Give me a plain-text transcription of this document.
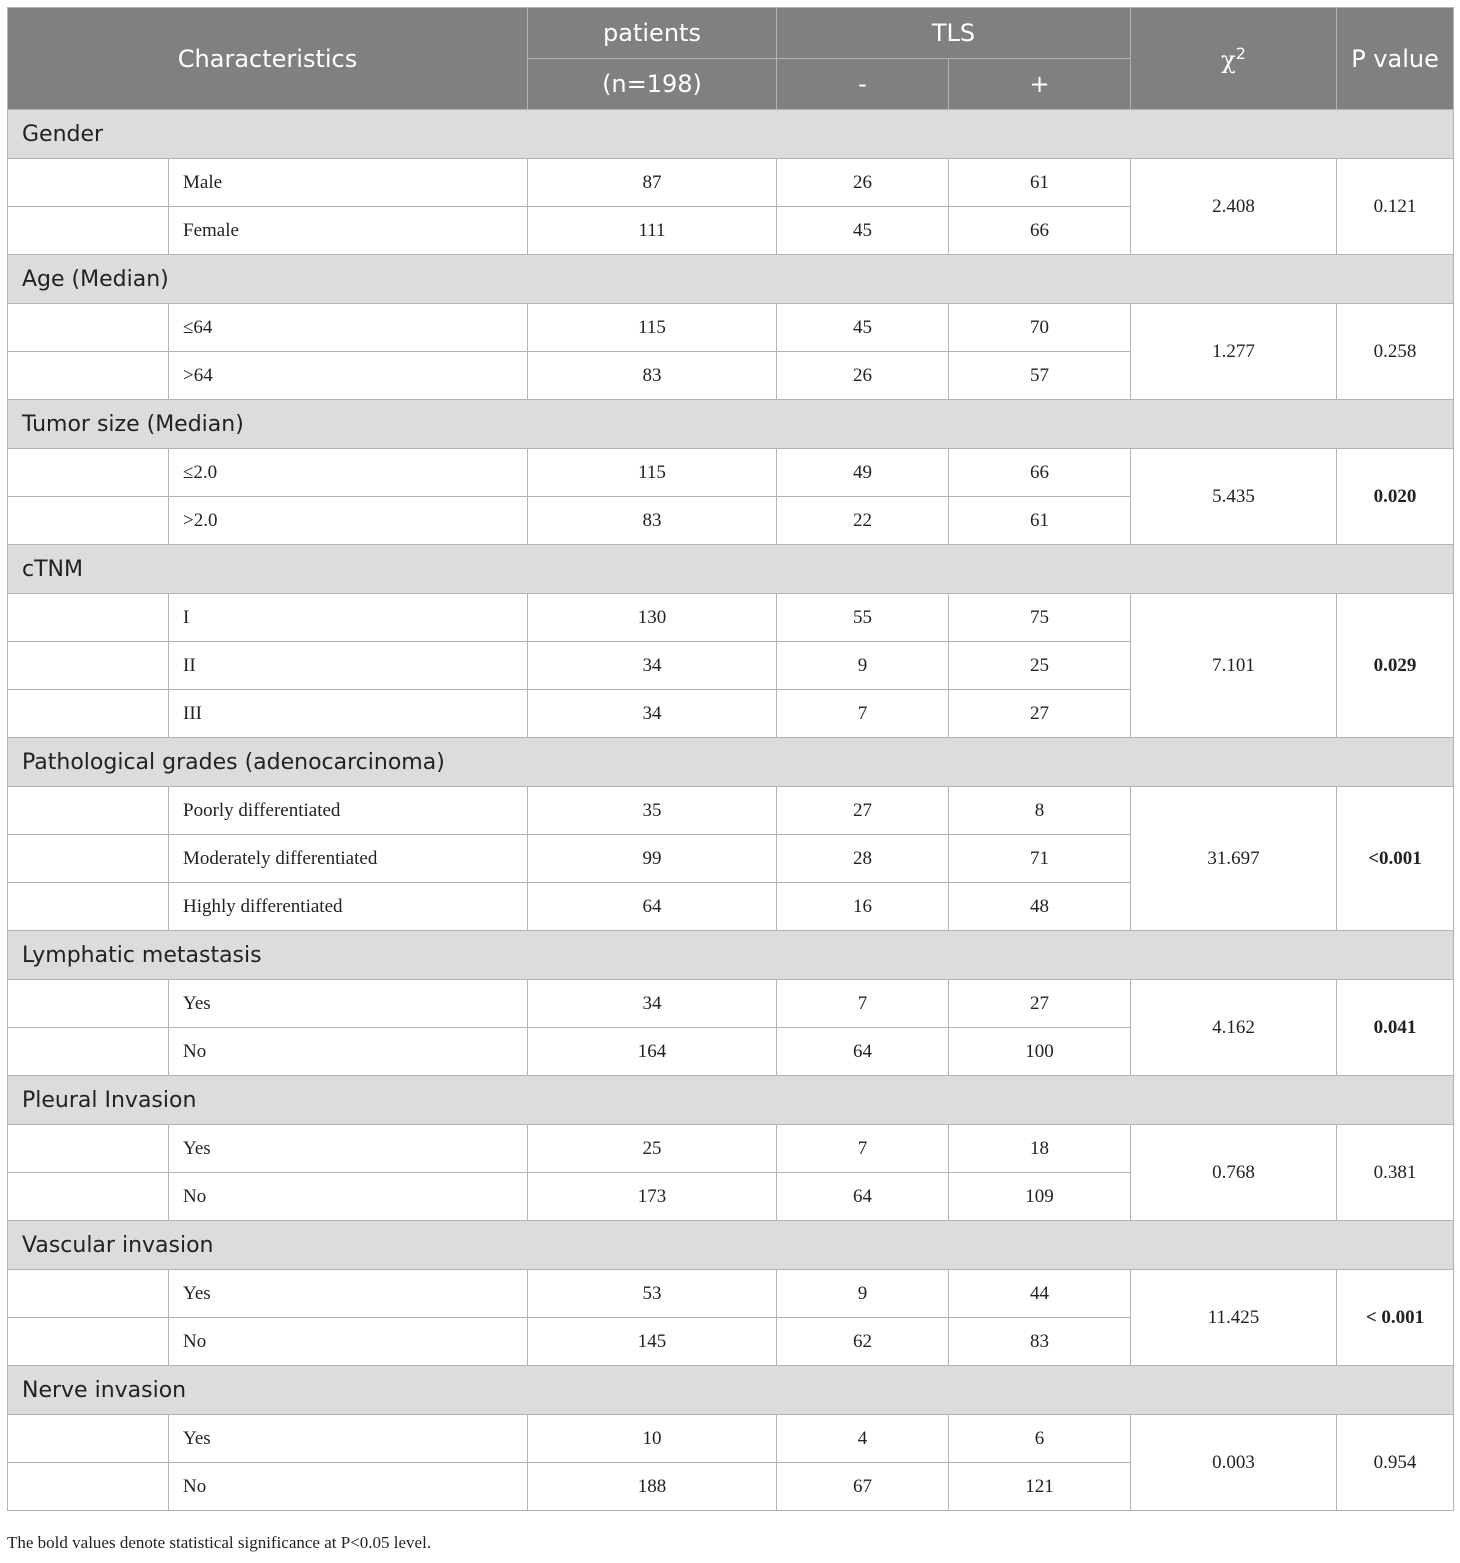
Characteristics		patients	TLS		$\chi^2$	P value
		(n=198)	-	+		
Gender						
	Male	87	26	61	2.408	0.121
	Female	111	45	66		
Age (Median)						
	≤64	115	45	70	1.277	0.258
	>64	83	26	57		
Tumor size (Median)						
	≤2.0	115	49	66	5.435	0.020
	>2.0	83	22	61		
cTNM						
	I	130	55	75	7.101	0.029
	II	34	9	25		
	III	34	7	27		
Pathological grades (adenocarcinoma)						
	Poorly differentiated	35	27	8	31.697	<0.001
	Moderately differentiated	99	28	71		
	Highly differentiated	64	16	48		
Lymphatic metastasis						
	Yes	34	7	27	4.162	0.041
	No	164	64	100		
Pleural Invasion						
	Yes	25	7	18	0.768	0.381
	No	173	64	109		
Vascular invasion						
	Yes	53	9	44	11.425	< 0.001
	No	145	62	83		
Nerve invasion						
	Yes	10	4	6	0.003	0.954
	No	188	67	121		
The bold values denote statistical significance at P<0.05 level.
